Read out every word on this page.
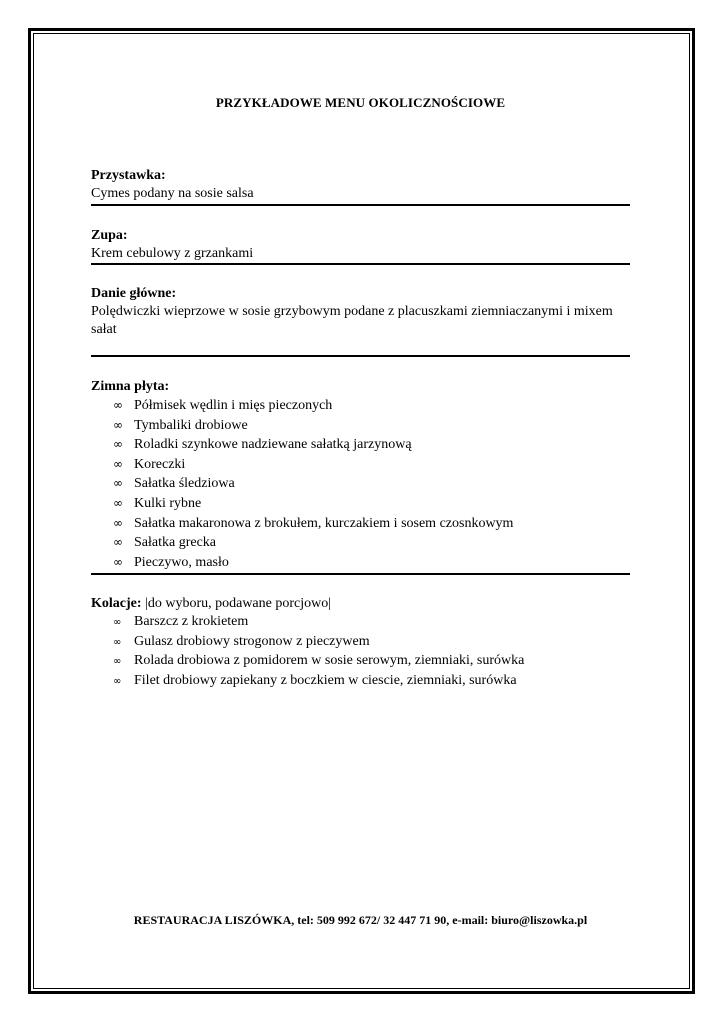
PRZYKŁADOWE MENU OKOLICZNOŚCIOWE
Przystawka:
Cymes podany na sosie salsa
Zupa:
Krem cebulowy z grzankami
Danie główne:
Polędwiczki wieprzowe w sosie grzybowym podane z placuszkami ziemniaczanymi i mixem sałat
Zimna płyta:
∞ Półmisek wędlin i mięs pieczonych
∞ Tymbaliki drobiowe
∞ Roladki szynkowe nadziewane sałatką jarzynową
∞ Koreczki
∞ Sałatka śledziowa
∞ Kulki rybne
∞ Sałatka makaronowa z brokułem, kurczakiem i sosem czosnkowym
∞ Sałatka grecka
∞ Pieczywo, masło
Kolacje: |do wyboru, podawane porcjowo|
∞ Barszcz z krokietem
∞ Gulasz drobiowy strogonow z pieczywem
∞ Rolada drobiowa z pomidorem w sosie serowym, ziemniaki, surówka
∞ Filet drobiowy zapiekany z boczkiem w ciescie, ziemniaki, surówka
RESTAURACJA LISZÓWKA, tel: 509 992 672/ 32 447 71 90, e-mail: biuro@liszowka.pl
